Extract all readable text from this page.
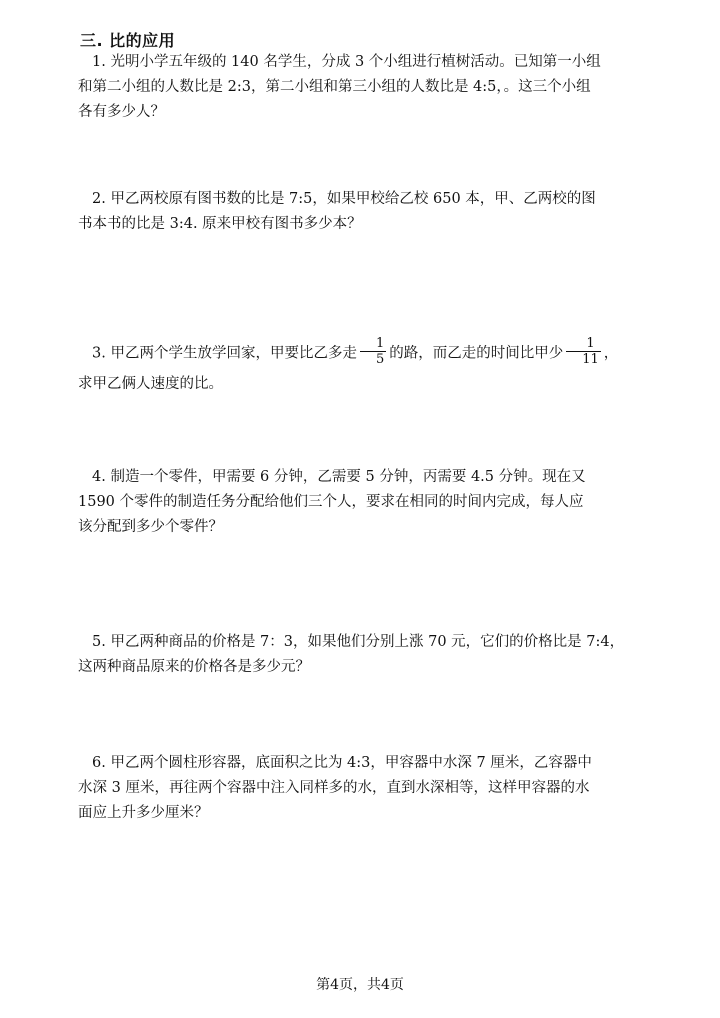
三. 比的应用

1. 光明小学五年级的 140 名学生，分成 3 个小组进行植树活动。已知第一小组

和第二小组的人数比是 2:3，第二小组和第三小组的人数比是 4:5，。这三个小组

各有多少人？

2. 甲乙两校原有图书数的比是 7:5，如果甲校给乙校 650 本，甲、乙两校的图

书本书的比是 3:4. 原来甲校有图书多少本？

3. 甲乙两个学生放学回家，甲要比乙多走 $\frac{1}{5}$ 的路，而乙走的时间比甲少 $\frac{1}{11}$ ，

求甲乙俩人速度的比。

4. 制造一个零件，甲需要 6 分钟，乙需要 5 分钟，丙需要 4.5 分钟。现在又

1590 个零件的制造任务分配给他们三个人，要求在相同的时间内完成，每人应

该分配到多少个零件？

5. 甲乙两种商品的价格是 7：3，如果他们分别上涨 70 元，它们的价格比是 7:4，

这两种商品原来的价格各是多少元？

6. 甲乙两个圆柱形容器，底面积之比为 4:3，甲容器中水深 7 厘米，乙容器中

水深 3 厘米，再往两个容器中注入同样多的水，直到水深相等，这样甲容器的水

面应上升多少厘米？

第4页，共4页
